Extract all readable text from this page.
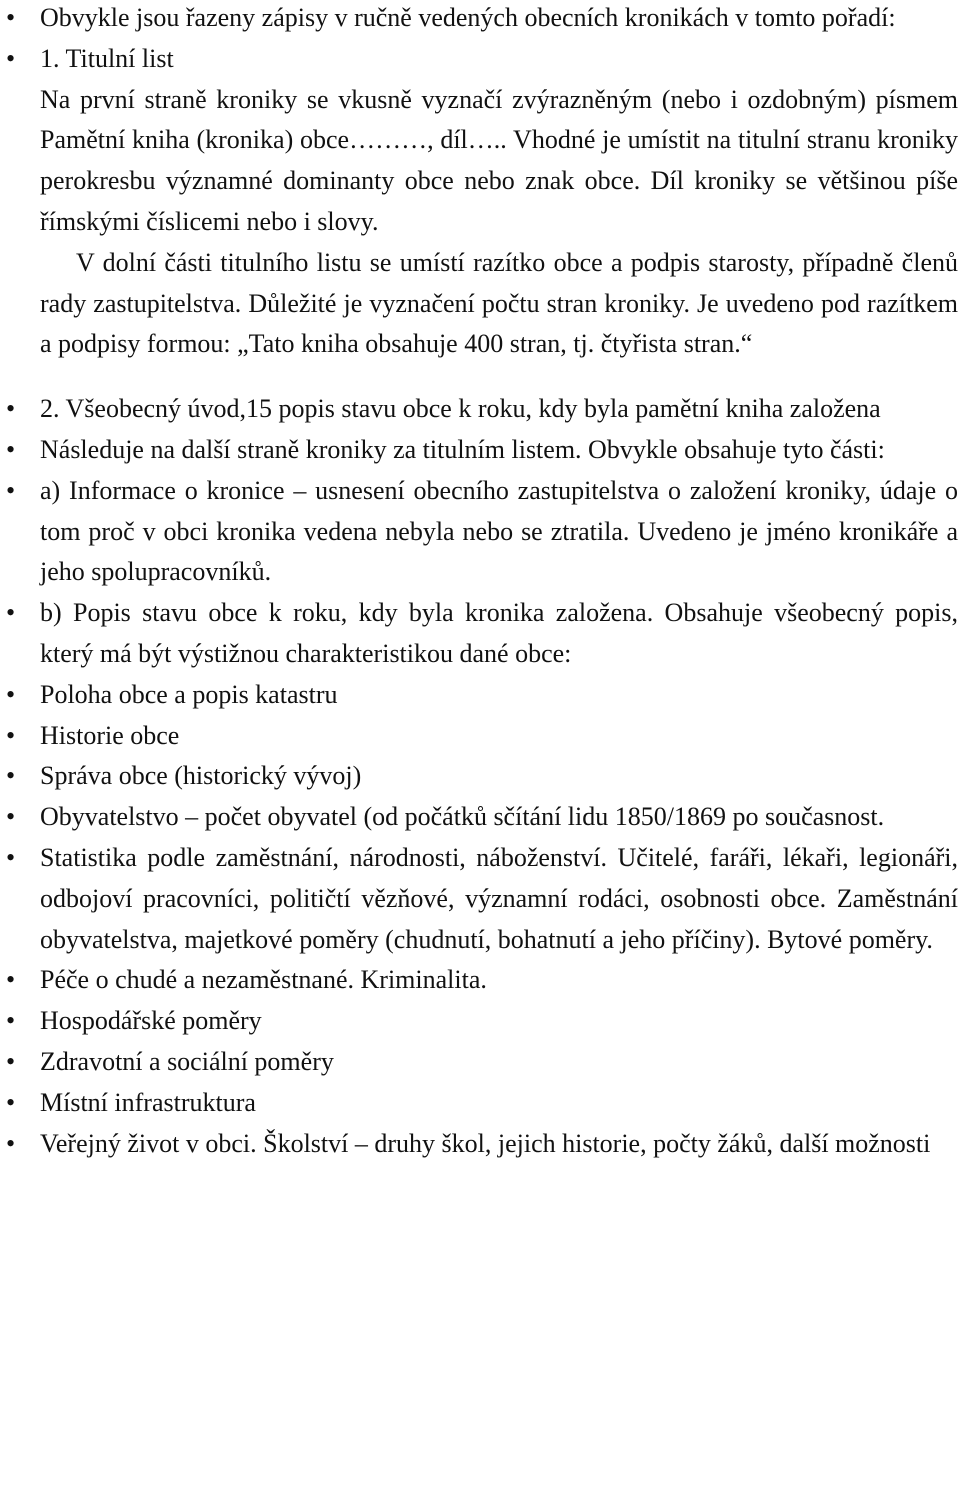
• Obvykle jsou řazeny zápisy v ručně vedených obecních kronikách v tomto pořadí:
• 1. Titulní list
Na první straně kroniky se vkusně vyznačí zvýrazněným (nebo i ozdobným) písmem Pamětní kniha (kronika) obce………, díl….. Vhodné je umístit na titulní stranu kroniky perokresbu významné dominanty obce nebo znak obce. Díl kroniky se většinou píše římskými číslicemi nebo i slovy.
V dolní části titulního listu se umístí razítko obce a podpis starosty, případně členů rady zastupitelstva. Důležité je vyznačení počtu stran kroniky. Je uvedeno pod razítkem a podpisy formou: „Tato kniha obsahuje 400 stran, tj. čtyřista stran.“
• 2. Všeobecný úvod,15 popis stavu obce k roku, kdy byla pamětní kniha založena
• Následuje na další straně kroniky za titulním listem. Obvykle obsahuje tyto části:
• a) Informace o kronice – usnesení obecního zastupitelstva o založení kroniky, údaje o tom proč v obci kronika vedena nebyla nebo se ztratila. Uvedeno je jméno kronikáře a jeho spolupracovníků.
• b) Popis stavu obce k roku, kdy byla kronika založena. Obsahuje všeobecný popis, který má být výstižnou charakteristikou dané obce:
• Poloha obce a popis katastru
• Historie obce
• Správa obce (historický vývoj)
• Obyvatelstvo – počet obyvatel (od počátků sčítání lidu 1850/1869 po současnost.
• Statistika podle zaměstnání, národnosti, náboženství. Učitelé, faráři, lékaři, legionáři, odbojoví pracovníci, političtí vězňové, významní rodáci, osobnosti obce. Zaměstnání obyvatelstva, majetkové poměry (chudnutí, bohatnutí a jeho příčiny). Bytové poměry.
• Péče o chudé a nezaměstnané. Kriminalita.
• Hospodářské poměry
• Zdravotní a sociální poměry
• Místní infrastruktura
• Veřejný život v obci. Školství – druhy škol, jejich historie, počty žáků, další možnosti
